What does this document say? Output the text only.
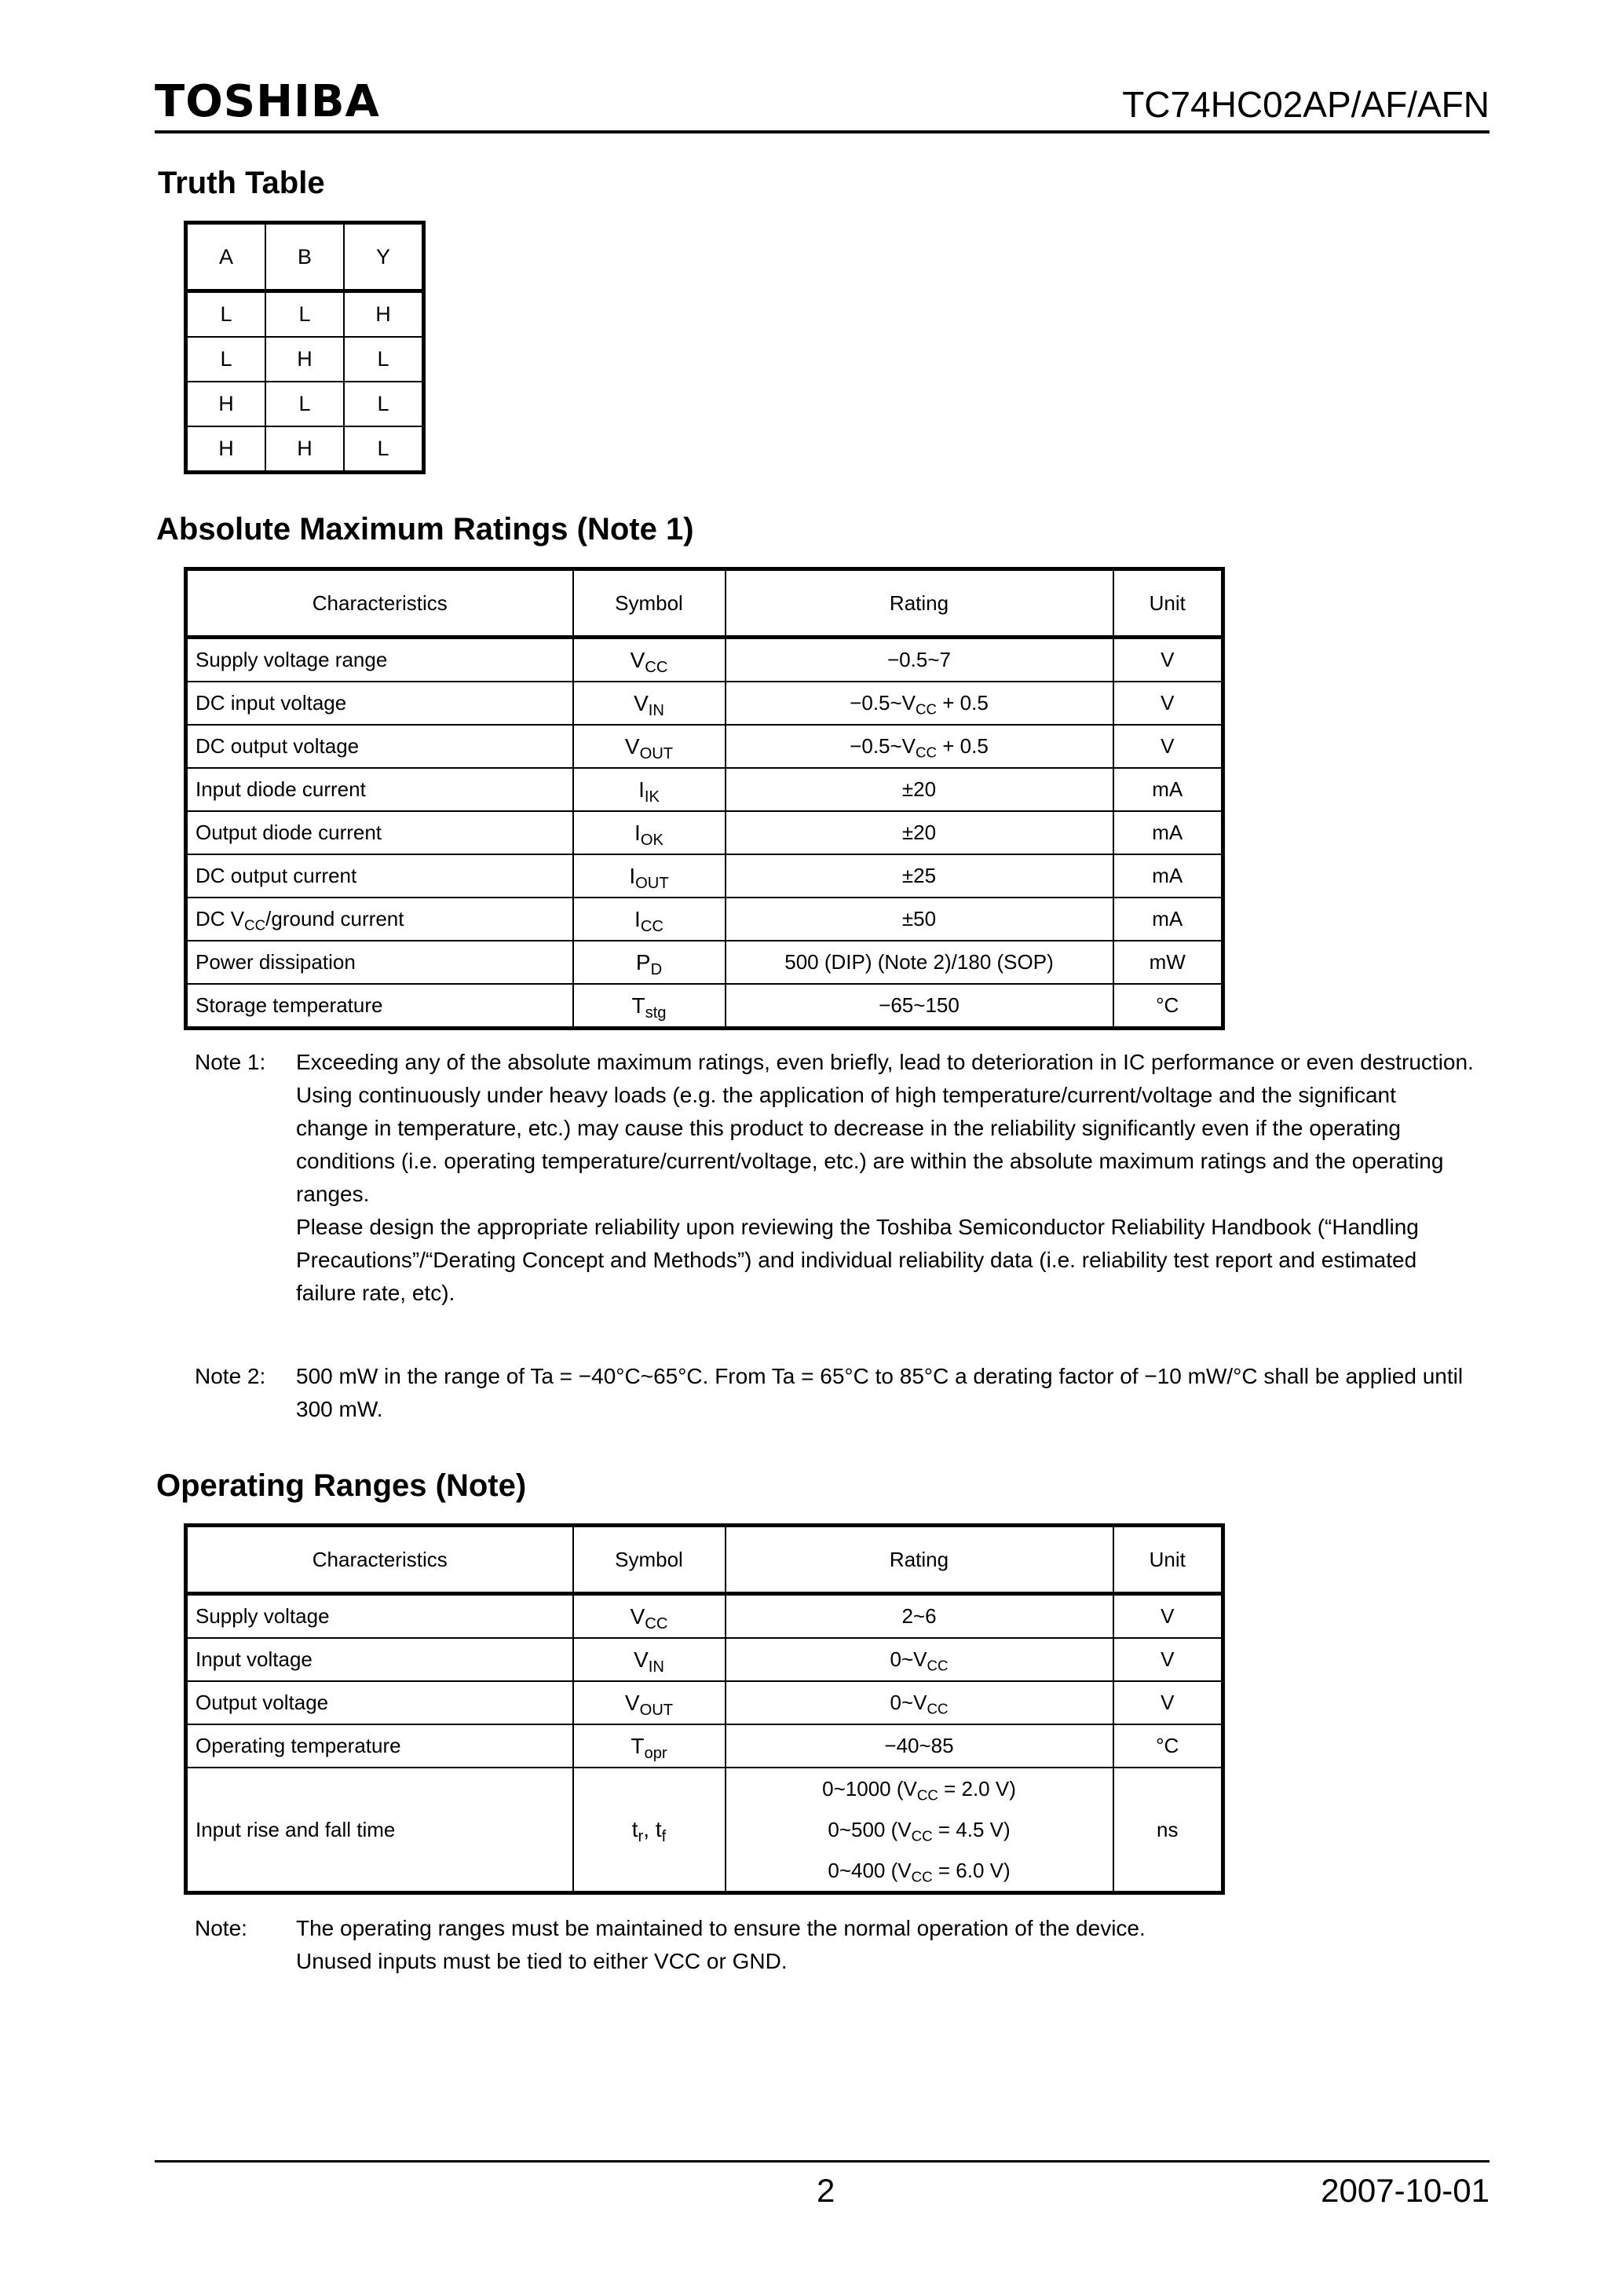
TOSHIBA	TC74HC02AP/AF/AFN
Truth Table
A	B	Y
L	L	H
L	H	L
H	L	L
H	H	L
Absolute Maximum Ratings (Note 1)
Characteristics	Symbol	Rating	Unit
Supply voltage range	$V_{CC}$	−0.5~7	V
DC input voltage	$V_{IN}$	$-0.5\sim V_{CC} + 0.5$	V
DC output voltage	$V_{OUT}$	$-0.5\sim V_{CC} + 0.5$	V
Input diode current	$I_{IK}$	±20	mA
Output diode current	$I_{OK}$	±20	mA
DC output current	$I_{OUT}$	±25	mA
DC $V_{CC}$/ground current	$I_{CC}$	±50	mA
Power dissipation	$P_D$	500 (DIP) (Note 2)/180 (SOP)	mW
Storage temperature	$T_{stg}$	−65~150	°C
Note 1: Exceeding any of the absolute maximum ratings, even briefly, lead to deterioration in IC performance or even destruction.

Using continuously under heavy loads (e.g. the application of high temperature/current/voltage and the significant change in temperature, etc.) may cause this product to decrease in the reliability significantly even if the operating conditions (i.e. operating temperature/current/voltage, etc.) are within the absolute maximum ratings and the operating ranges.

Please design the appropriate reliability upon reviewing the Toshiba Semiconductor Reliability Handbook (“Handling Precautions”/“Derating Concept and Methods”) and individual reliability data (i.e. reliability test report and estimated failure rate, etc).

Note 2: 500 mW in the range of Ta = −40°C~65°C. From Ta = 65°C to 85°C a derating factor of −10 mW/°C shall be applied until 300 mW.

Operating Ranges (Note)
Characteristics	Symbol	Rating	Unit
Supply voltage	$V_{CC}$	2~6	V
Input voltage	$V_{IN}$	$0\sim V_{CC}$	V
Output voltage	$V_{OUT}$	$0\sim V_{CC}$	V
Operating temperature	$T_{opr}$	−40~85	°C
Input rise and fall time	$t_r$, $t_f$	0~1000 ($V_{CC} = 2.0$ V)	ns
		0~500 ($V_{CC} = 4.5$ V)	
		0~400 ($V_{CC} = 6.0$ V)	
Note: The operating ranges must be maintained to ensure the normal operation of the device.

Unused inputs must be tied to either VCC or GND.

2	2007-10-01
